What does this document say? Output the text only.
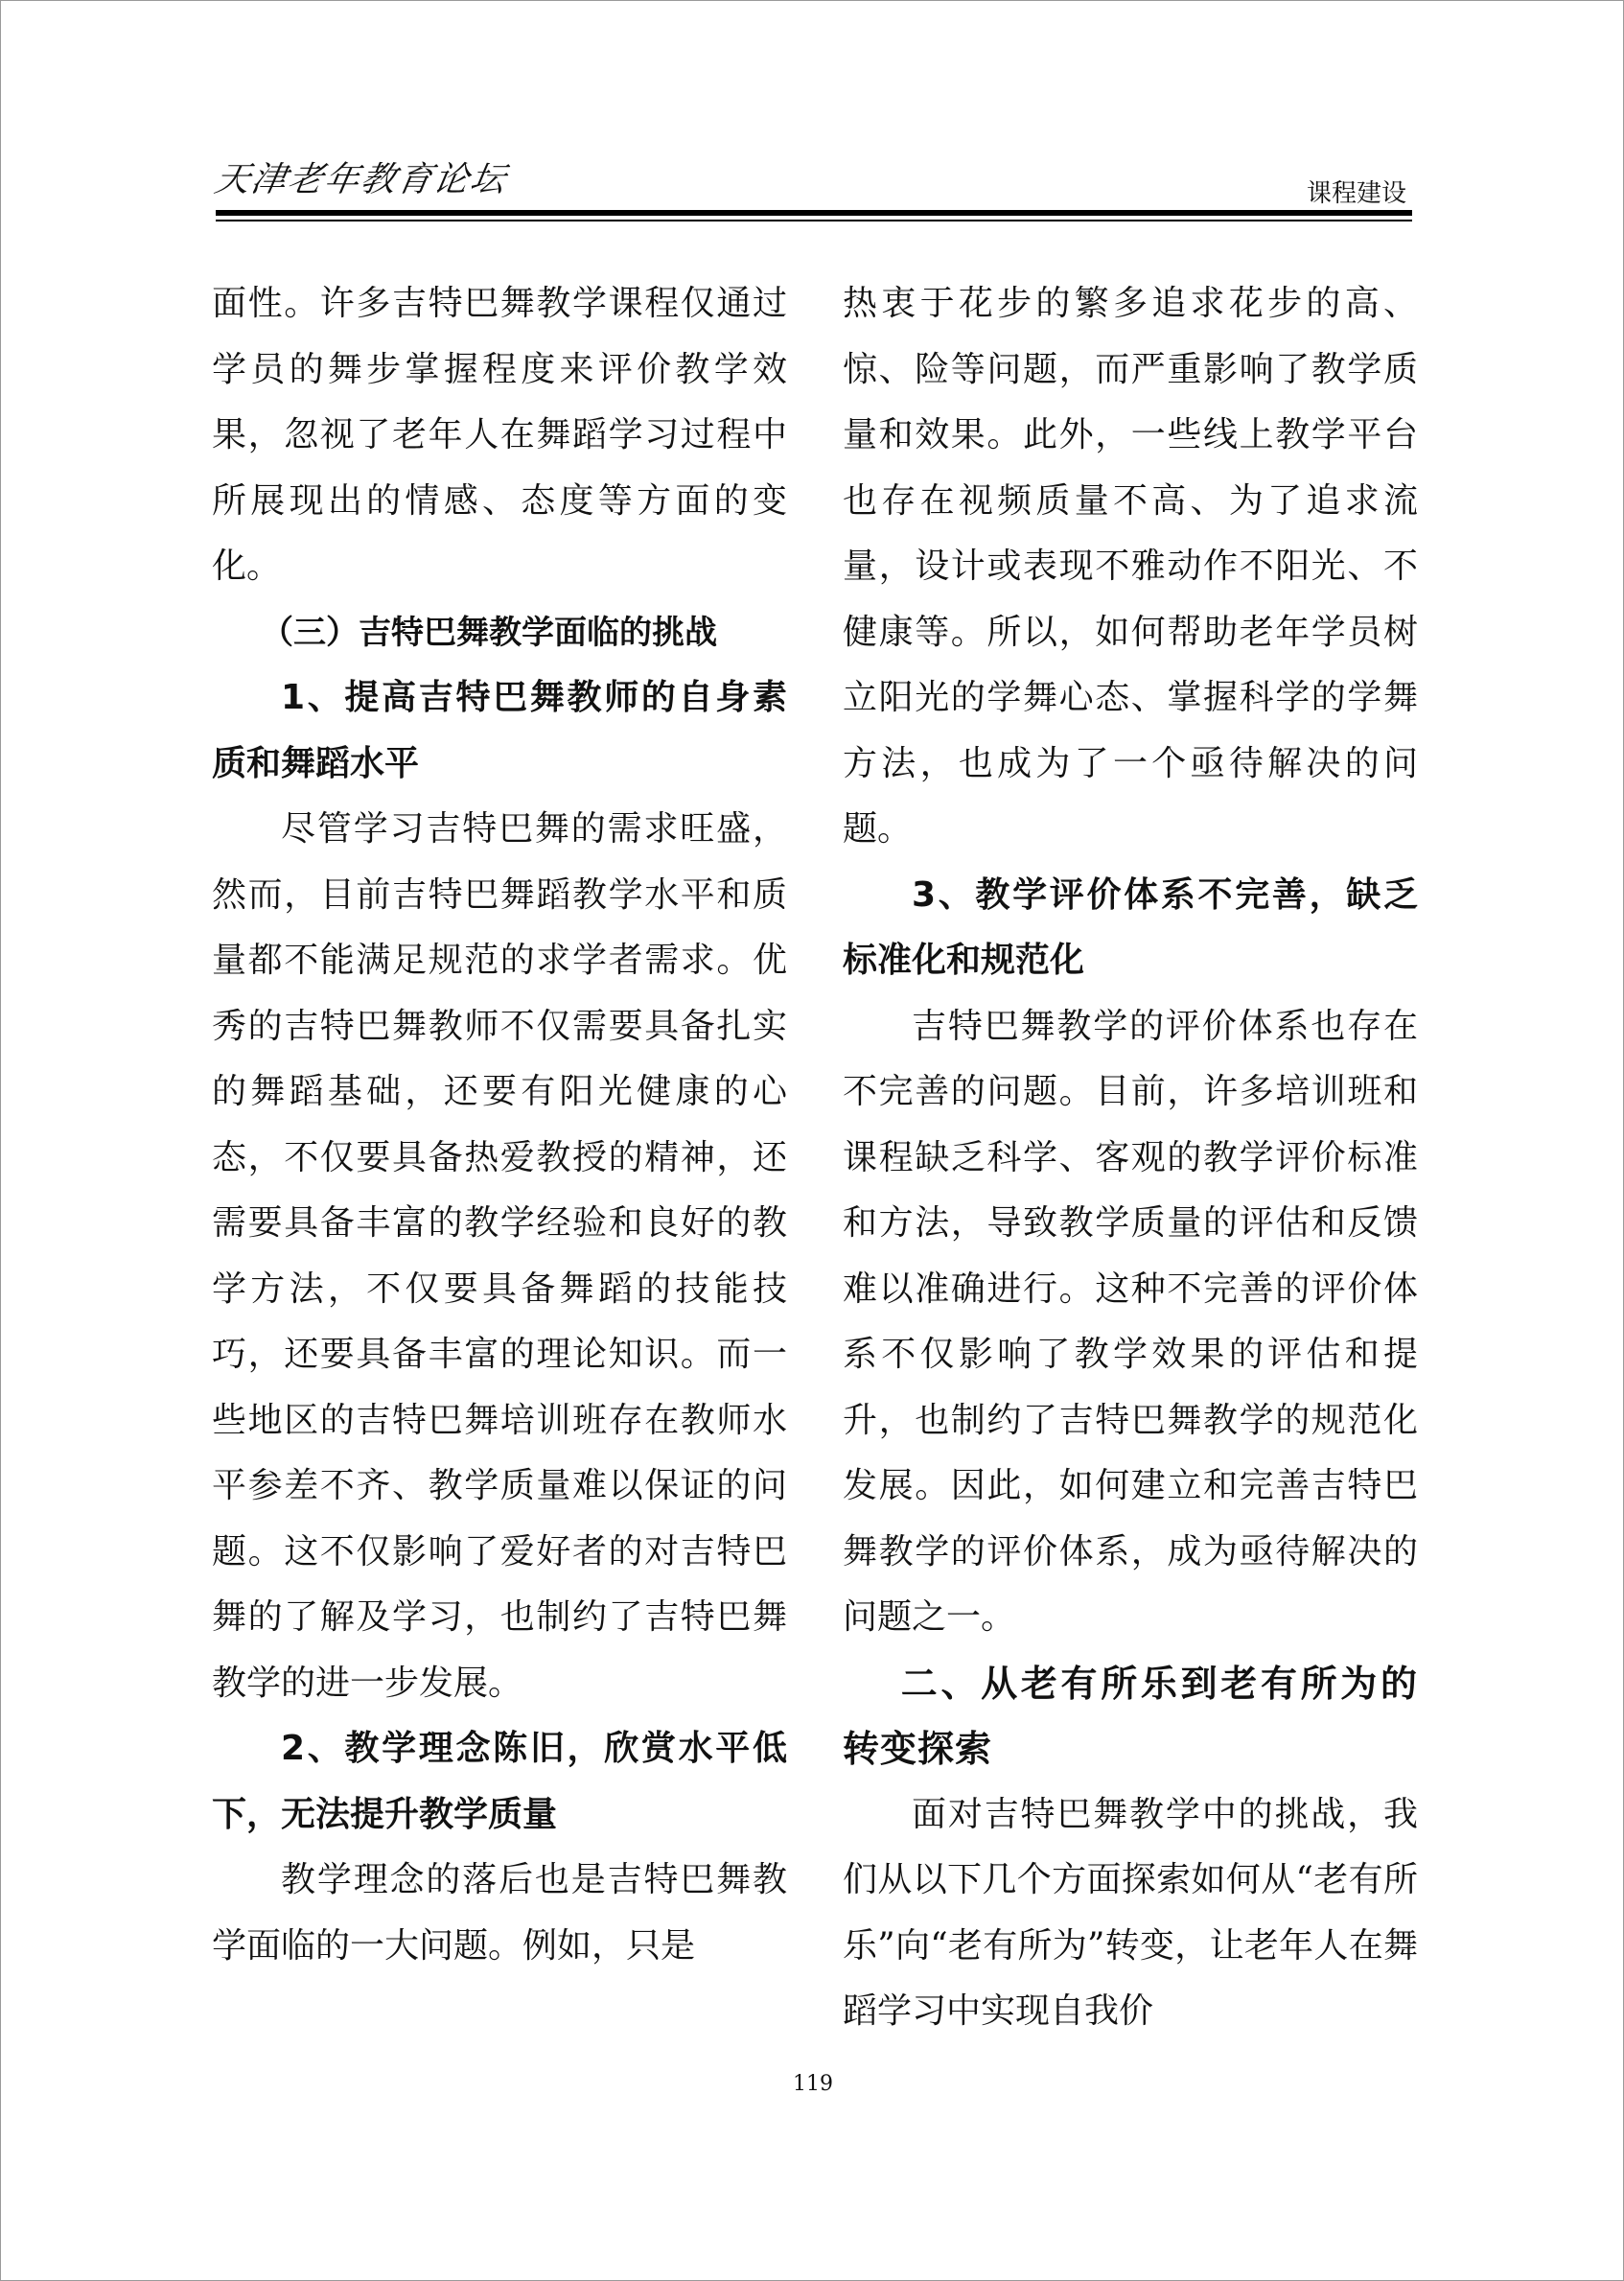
天津老年教育论坛	课程建设

面性。许多吉特巴舞教学课程仅通过学员的舞步掌握程度来评价教学效果，忽视了老年人在舞蹈学习过程中所展现出的情感、态度等方面的变化。

（三）吉特巴舞教学面临的挑战

1、提高吉特巴舞教师的自身素质和舞蹈水平

尽管学习吉特巴舞的需求旺盛，然而，目前吉特巴舞蹈教学水平和质量都不能满足规范的求学者需求。优秀的吉特巴舞教师不仅需要具备扎实的舞蹈基础，还要有阳光健康的心态，不仅要具备热爱教授的精神，还需要具备丰富的教学经验和良好的教学方法，不仅要具备舞蹈的技能技巧，还要具备丰富的理论知识。而一些地区的吉特巴舞培训班存在教师水平参差不齐、教学质量难以保证的问题。这不仅影响了爱好者的对吉特巴舞的了解及学习，也制约了吉特巴舞教学的进一步发展。

2、教学理念陈旧，欣赏水平低下，无法提升教学质量

教学理念的落后也是吉特巴舞教学面临的一大问题。例如，只是

热衷于花步的繁多追求花步的高、惊、险等问题，而严重影响了教学质量和效果。此外，一些线上教学平台也存在视频质量不高、为了追求流量，设计或表现不雅动作不阳光、不健康等。所以，如何帮助老年学员树立阳光的学舞心态、掌握科学的学舞方法，也成为了一个亟待解决的问题。

3、教学评价体系不完善，缺乏标准化和规范化

吉特巴舞教学的评价体系也存在不完善的问题。目前，许多培训班和课程缺乏科学、客观的教学评价标准和方法，导致教学质量的评估和反馈难以准确进行。这种不完善的评价体系不仅影响了教学效果的评估和提升，也制约了吉特巴舞教学的规范化发展。因此，如何建立和完善吉特巴舞教学的评价体系，成为亟待解决的问题之一。

二、从老有所乐到老有所为的转变探索

面对吉特巴舞教学中的挑战，我们从以下几个方面探索如何从“老有所乐”向“老有所为”转变，让老年人在舞蹈学习中实现自我价

119
